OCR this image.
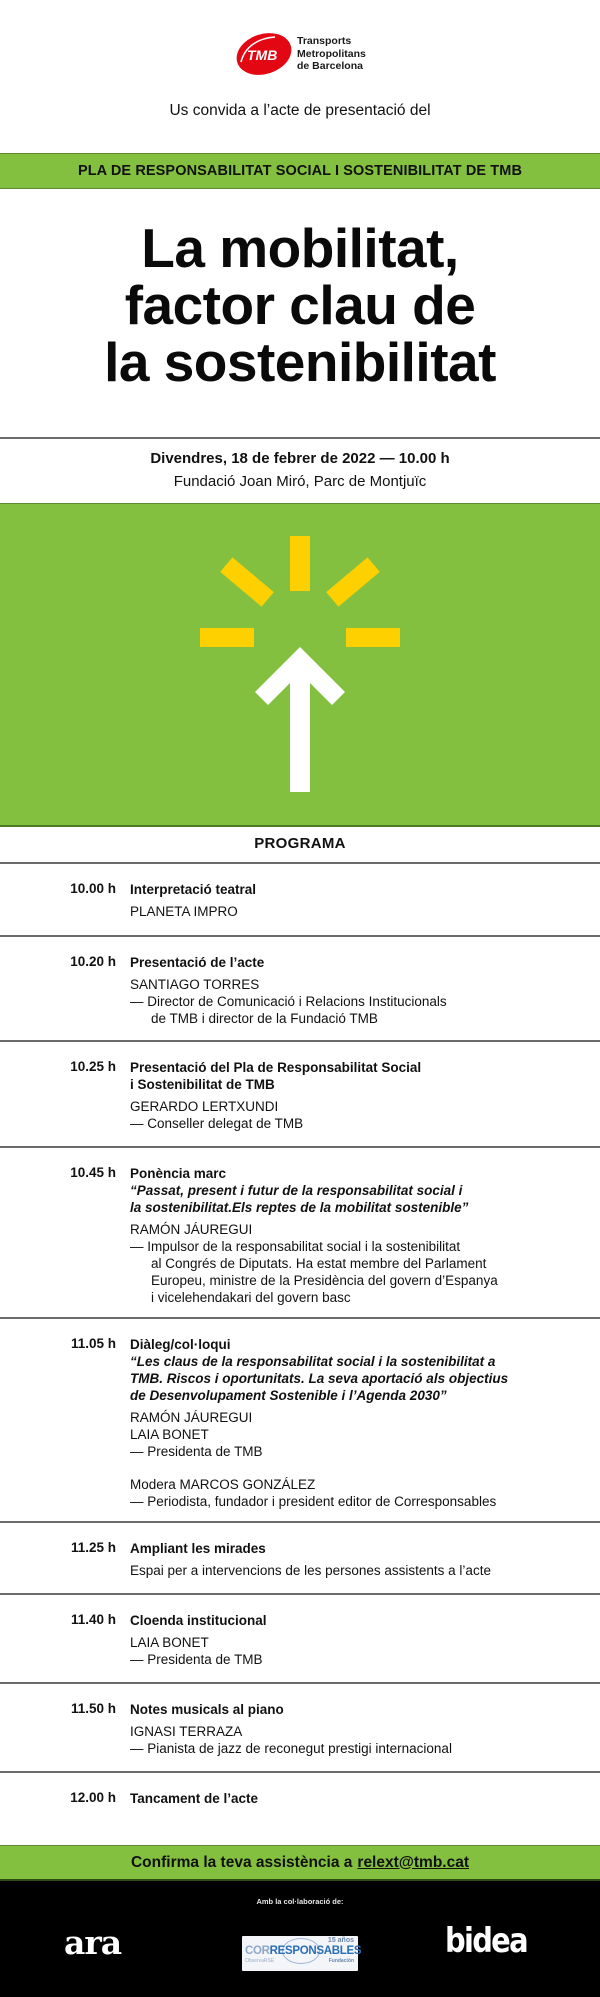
TMB
Transports
Metropolitans
de Barcelona
Us convida a l’acte de presentació del
PLA DE RESPONSABILITAT SOCIAL I SOSTENIBILITAT DE TMB
La mobilitat,
factor clau de
la sostenibilitat
Divendres, 18 de febrer de 2022 — 10.00 h
Fundació Joan Miró, Parc de Montjuïc
PROGRAMA
10.00 h Interpretació teatral
PLANETA IMPRO
10.20 h Presentació de l’acte
SANTIAGO TORRES
— Director de Comunicació i Relacions Institucionals
de TMB i director de la Fundació TMB
10.25 h Presentació del Pla de Responsabilitat Social
i Sostenibilitat de TMB
GERARDO LERTXUNDI
— Conseller delegat de TMB
10.45 h Ponència marc
“Passat, present i futur de la responsabilitat social i
la sostenibilitat.Els reptes de la mobilitat sostenible”
RAMÓN JÁUREGUI
— Impulsor de la responsabilitat social i la sostenibilitat
al Congrés de Diputats. Ha estat membre del Parlament
Europeu, ministre de la Presidència del govern d’Espanya
i vicelehendakari del govern basc
11.05 h Diàleg/col·loqui
“Les claus de la responsabilitat social i la sostenibilitat a
TMB. Riscos i oportunitats. La seva aportació als objectius
de Desenvolupament Sostenible i l’Agenda 2030”
RAMÓN JÁUREGUI
LAIA BONET
— Presidenta de TMB
Modera MARCOS GONZÁLEZ
— Periodista, fundador i president editor de Corresponsables
11.25 h Ampliant les mirades
Espai per a intervencions de les persones assistents a l’acte
11.40 h Cloenda institucional
LAIA BONET
— Presidenta de TMB
11.50 h Notes musicals al piano
IGNASI TERRAZA
— Pianista de jazz de reconegut prestigi internacional
12.00 h Tancament de l’acte
Confirma la teva assistència a relext@tmb.cat
Amb la col·laboració de:
ara	15 años
CORRESPONSABLES
ObservaRSE	Fundación	bidea
